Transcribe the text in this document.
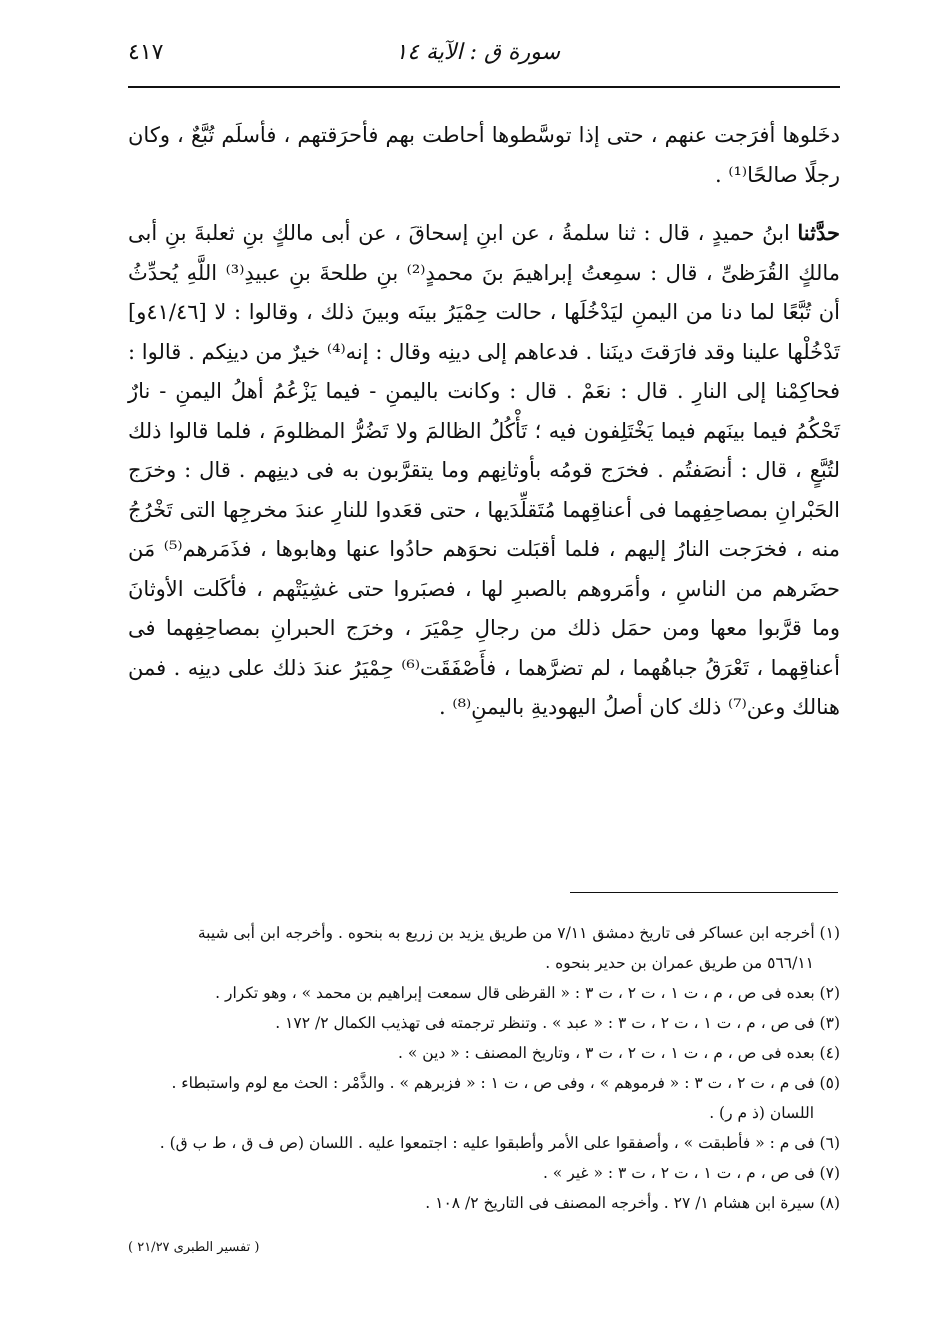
سورة ق : الآية ١٤
٤١٧

دخَلوها أفرَجت عنهم ، حتى إذا توسَّطوها أحاطت بهم فأحرَقتهم ، فأسلَم تُبَّعٌ ، وكان رجلًا صالحًا⁽¹⁾ .

حدَّثنا ابنُ حميدٍ ، قال : ثنا سلمةُ ، عن ابنِ إسحاقَ ، عن أبى مالكٍ بنِ ثعلبةَ بنِ أبى مالكٍ القُرَظىِّ ، قال : سمِعتُ إبراهيمَ بنَ محمدٍ⁽²⁾ بنِ طلحةَ بنِ عبيدِ⁽³⁾ اللَّهِ يُحدِّثُ أن تُبَّعًا لما دنا من اليمنِ ليَدْخُلَها ، حالت حِمْيَرُ بينَه وبينَ ذلك ، وقالوا : لا [٤١/٤٦و] تَدْخُلْها علينا وقد فارَقتَ دينَنا . فدعاهم إلى دينِه وقال : إنه⁽⁴⁾ خيرٌ من دينِكم . قالوا : فحاكِمْنا إلى النارِ . قال : نعَمْ . قال : وكانت باليمنِ - فيما يَزْعُمُ أهلُ اليمنِ - نارٌ تَحْكُمُ فيما بينَهم فيما يَخْتَلِفون فيه ؛ تَأْكُلُ الظالمَ ولا تَضُرُّ المظلومَ ، فلما قالوا ذلك لتُبَّعٍ ، قال : أنصَفتُم . فخرَج قومُه بأوثانِهم وما يتقرَّبون به فى دينِهم . قال : وخرَج الحَبْرانِ بمصاحِفِهما فى أعناقِهما مُتَقلِّدَيها ، حتى قعَدوا للنارِ عندَ مخرجِها التى تَخْرُجُ منه ، فخرَجت النارُ إليهم ، فلما أقبَلت نحوَهم حادُوا عنها وهابوها ، فذَمَرهم⁽⁵⁾ مَن حضَرهم من الناسِ ، وأمَروهم بالصبرِ لها ، فصبَروا حتى غشِيَتْهم ، فأكَلت الأوثانَ وما قرَّبوا معها ومن حمَل ذلك من رجالِ حِمْيَرَ ، وخرَج الحبرانِ بمصاحِفِهما فى أعناقِهما ، تَعْرَقُ جباهُهما ، لم تضرَّهما ، فأَصْفَقَت⁽⁶⁾ حِمْيَرُ عندَ ذلك على دينِه . فمن هنالك وعن⁽⁷⁾ ذلك كان أصلُ اليهوديةِ باليمنِ⁽⁸⁾ .

(١) أخرجه ابن عساكر فى تاريخ دمشق ٧/١١ من طريق يزيد بن زريع به بنحوه . وأخرجه ابن أبى شيبة

٥٦٦/١١ من طريق عمران بن حدير بنحوه .

(٢) بعده فى ص ، م ، ت ١ ، ت ٢ ، ت ٣ : « القرظى قال سمعت إبراهيم بن محمد » ، وهو تكرار .

(٣) فى ص ، م ، ت ١ ، ت ٢ ، ت ٣ : « عبد » . وتنظر ترجمته فى تهذيب الكمال ٢/ ١٧٢ .

(٤) بعده فى ص ، م ، ت ١ ، ت ٢ ، ت ٣ ، وتاريخ المصنف : « دين » .

(٥) فى م ، ت ٢ ، ت ٣ : « فرموهم » ، وفى ص ، ت ١ : « فزبرهم » . والذَّمْر : الحث مع لوم واستبطاء .

اللسان (ذ م ر) .

(٦) فى م : « فأطبقت » ، وأصفقوا على الأمر وأطبقوا عليه : اجتمعوا عليه . اللسان (ص ف ق ، ط ب ق) .

(٧) فى ص ، م ، ت ١ ، ت ٢ ، ت ٣ : « غير » .

(٨) سيرة ابن هشام ١/ ٢٧ . وأخرجه المصنف فى التاريخ ٢/ ١٠٨ .

( تفسير الطبرى ٢١/٢٧ )
